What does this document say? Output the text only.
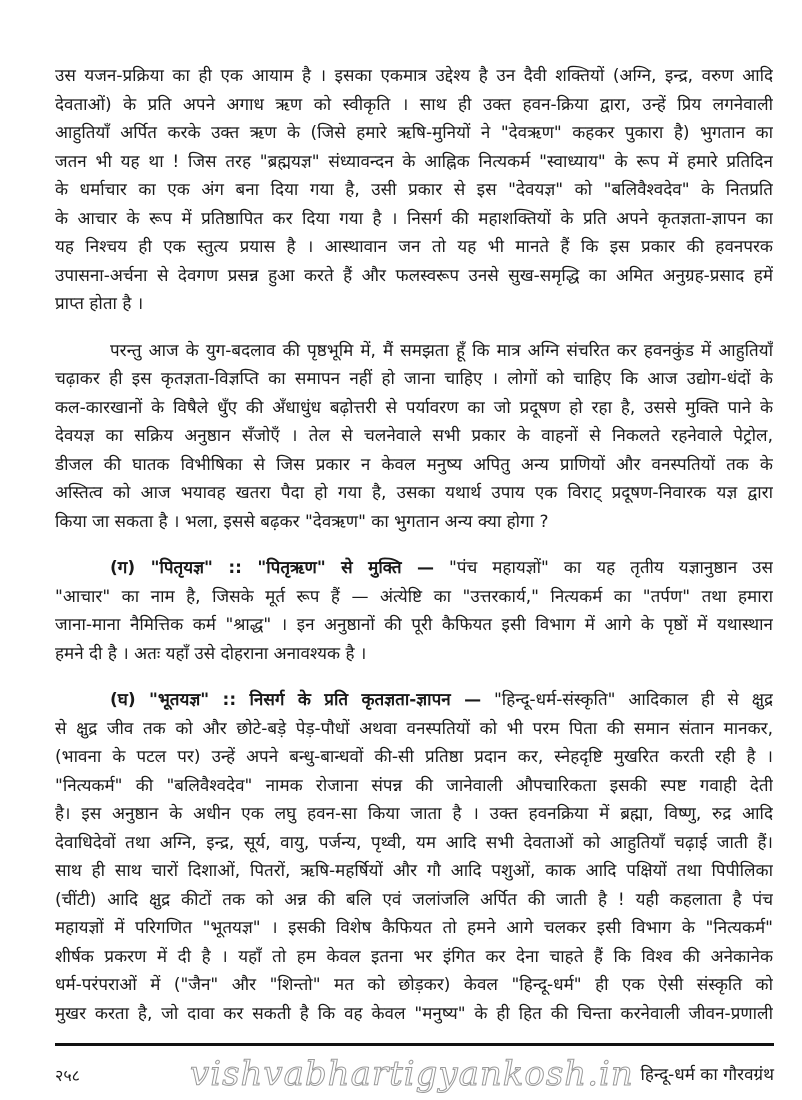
उस यजन-प्रक्रिया का ही एक आयाम है । इसका एकमात्र उद्देश्य है उन दैवी शक्तियों (अग्नि, इन्द्र, वरुण आदि
देवताओं) के प्रति अपने अगाध ऋण को स्वीकृति । साथ ही उक्त हवन-क्रिया द्वारा, उन्हें प्रिय लगनेवाली
आहुतियाँ अर्पित करके उक्त ऋण के (जिसे हमारे ऋषि-मुनियों ने "देवऋण" कहकर पुकारा है) भुगतान का
जतन भी यह था ! जिस तरह "ब्रह्मयज्ञ" संध्यावन्दन के आह्निक नित्यकर्म "स्वाध्याय" के रूप में हमारे प्रतिदिन
के धर्माचार का एक अंग बना दिया गया है, उसी प्रकार से इस "देवयज्ञ" को "बलिवैश्वदेव" के नितप्रति
के आचार के रूप में प्रतिष्ठापित कर दिया गया है । निसर्ग की महाशक्तियों के प्रति अपने कृतज्ञता-ज्ञापन का
यह निश्चय ही एक स्तुत्य प्रयास है । आस्थावान जन तो यह भी मानते हैं कि इस प्रकार की हवनपरक
उपासना-अर्चना से देवगण प्रसन्न हुआ करते हैं और फलस्वरूप उनसे सुख-समृद्धि का अमित अनुग्रह-प्रसाद हमें
प्राप्त होता है ।
परन्तु आज के युग-बदलाव की पृष्ठभूमि में, मैं समझता हूँ कि मात्र अग्नि संचरित कर हवनकुंड में आहुतियाँ
चढ़ाकर ही इस कृतज्ञता-विज्ञप्ति का समापन नहीं हो जाना चाहिए । लोगों को चाहिए कि आज उद्योग-धंदों के
कल-कारखानों के विषैले धुँए की अँधाधुंध बढ़ोत्तरी से पर्यावरण का जो प्रदूषण हो रहा है, उससे मुक्ति पाने के
देवयज्ञ का सक्रिय अनुष्ठान सँजोएँ । तेल से चलनेवाले सभी प्रकार के वाहनों से निकलते रहनेवाले पेट्रोल,
डीजल की घातक विभीषिका से जिस प्रकार न केवल मनुष्य अपितु अन्य प्राणियों और वनस्पतियों तक के
अस्तित्व को आज भयावह खतरा पैदा हो गया है, उसका यथार्थ उपाय एक विराट् प्रदूषण-निवारक यज्ञ द्वारा
किया जा सकता है । भला, इससे बढ़कर "देवऋण" का भुगतान अन्य क्या होगा ?
(ग) "पितृयज्ञ" :: "पितृऋण" से मुक्ति — "पंच महायज्ञों" का यह तृतीय यज्ञानुष्ठान उस
"आचार" का नाम है, जिसके मूर्त रूप हैं — अंत्येष्टि का "उत्तरकार्य," नित्यकर्म का "तर्पण" तथा हमारा
जाना-माना नैमित्तिक कर्म "श्राद्ध" । इन अनुष्ठानों की पूरी कैफियत इसी विभाग में आगे के पृष्ठों में यथास्थान
हमने दी है । अतः यहाँ उसे दोहराना अनावश्यक है ।
(घ) "भूतयज्ञ" :: निसर्ग के प्रति कृतज्ञता-ज्ञापन — "हिन्दू-धर्म-संस्कृति" आदिकाल ही से क्षुद्र
से क्षुद्र जीव तक को और छोटे-बड़े पेड़-पौधों अथवा वनस्पतियों को भी परम पिता की समान संतान मानकर,
(भावना के पटल पर) उन्हें अपने बन्धु-बान्धवों की-सी प्रतिष्ठा प्रदान कर, स्नेहदृष्टि मुखरित करती रही है ।
"नित्यकर्म" की "बलिवैश्वदेव" नामक रोजाना संपन्न की जानेवाली औपचारिकता इसकी स्पष्ट गवाही देती
है। इस अनुष्ठान के अधीन एक लघु हवन-सा किया जाता है । उक्त हवनक्रिया में ब्रह्मा, विष्णु, रुद्र आदि
देवाधिदेवों तथा अग्नि, इन्द्र, सूर्य, वायु, पर्जन्य, पृथ्वी, यम आदि सभी देवताओं को आहुतियाँ चढ़ाई जाती हैं।
साथ ही साथ चारों दिशाओं, पितरों, ऋषि-महर्षियों और गौ आदि पशुओं, काक आदि पक्षियों तथा पिपीलिका
(चींटी) आदि क्षुद्र कीटों तक को अन्न की बलि एवं जलांजलि अर्पित की जाती है ! यही कहलाता है पंच
महायज्ञों में परिगणित "भूतयज्ञ" । इसकी विशेष कैफियत तो हमने आगे चलकर इसी विभाग के "नित्यकर्म"
शीर्षक प्रकरण में दी है । यहाँ तो हम केवल इतना भर इंगित कर देना चाहते हैं कि विश्व की अनेकानेक
धर्म-परंपराओं में ("जैन" और "शिन्तो" मत को छोड़कर) केवल "हिन्दू-धर्म" ही एक ऐसी संस्कृति को
मुखर करता है, जो दावा कर सकती है कि वह केवल "मनुष्य" के ही हित की चिन्ता करनेवाली जीवन-प्रणाली
२५८	vishvabhartigyankosh.in हिन्दू-धर्म का गौरवग्रंथ
